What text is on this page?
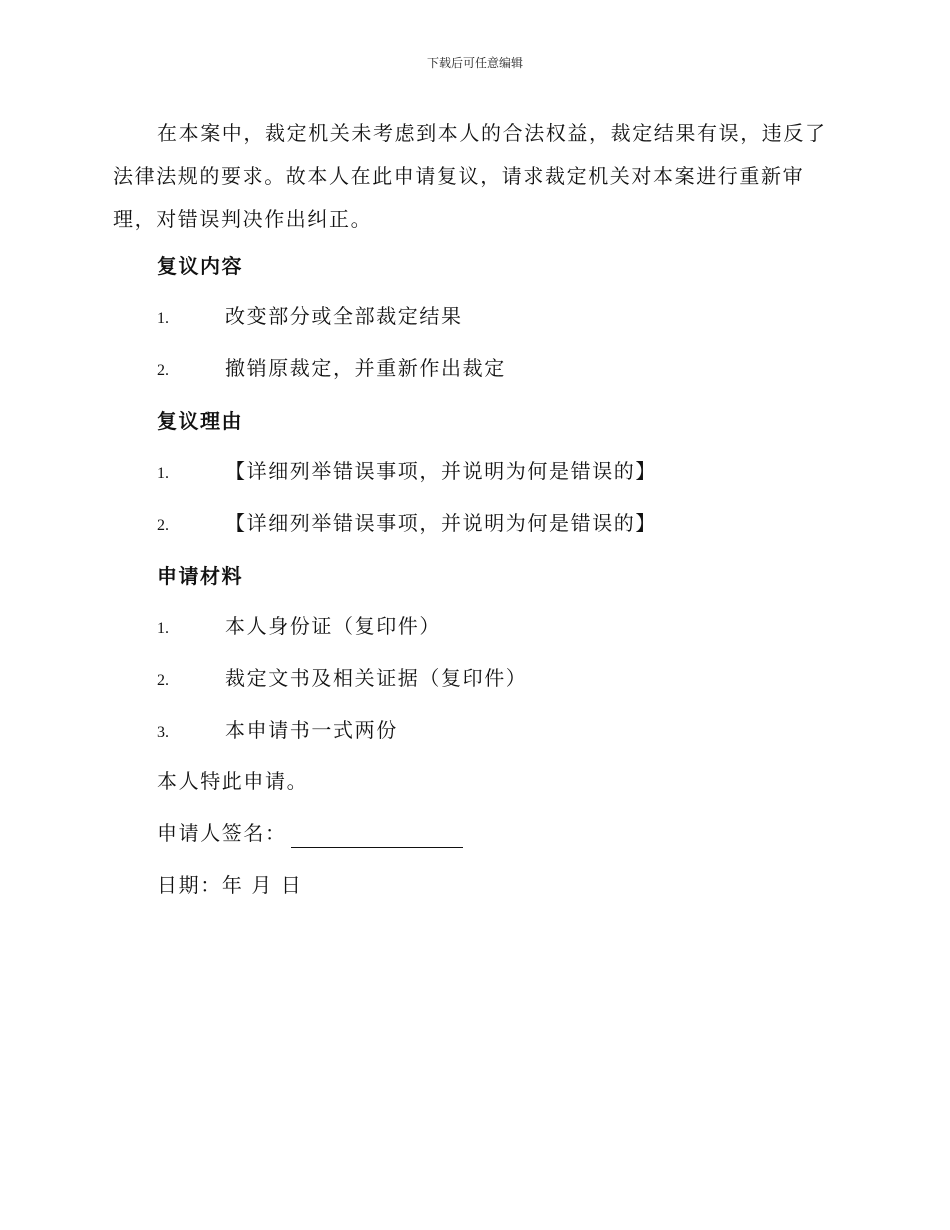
下载后可任意编辑
在本案中，裁定机关未考虑到本人的合法权益，裁定结果有误，违反了法律法规的要求。故本人在此申请复议，请求裁定机关对本案进行重新审理，对错误判决作出纠正。
复议内容
1.	改变部分或全部裁定结果
2.	撤销原裁定，并重新作出裁定
复议理由
1.	【详细列举错误事项，并说明为何是错误的】
2.	【详细列举错误事项，并说明为何是错误的】
申请材料
1.	本人身份证（复印件）
2.	裁定文书及相关证据（复印件）
3.	本申请书一式两份
本人特此申请。
申请人签名：
日期：年 月 日
